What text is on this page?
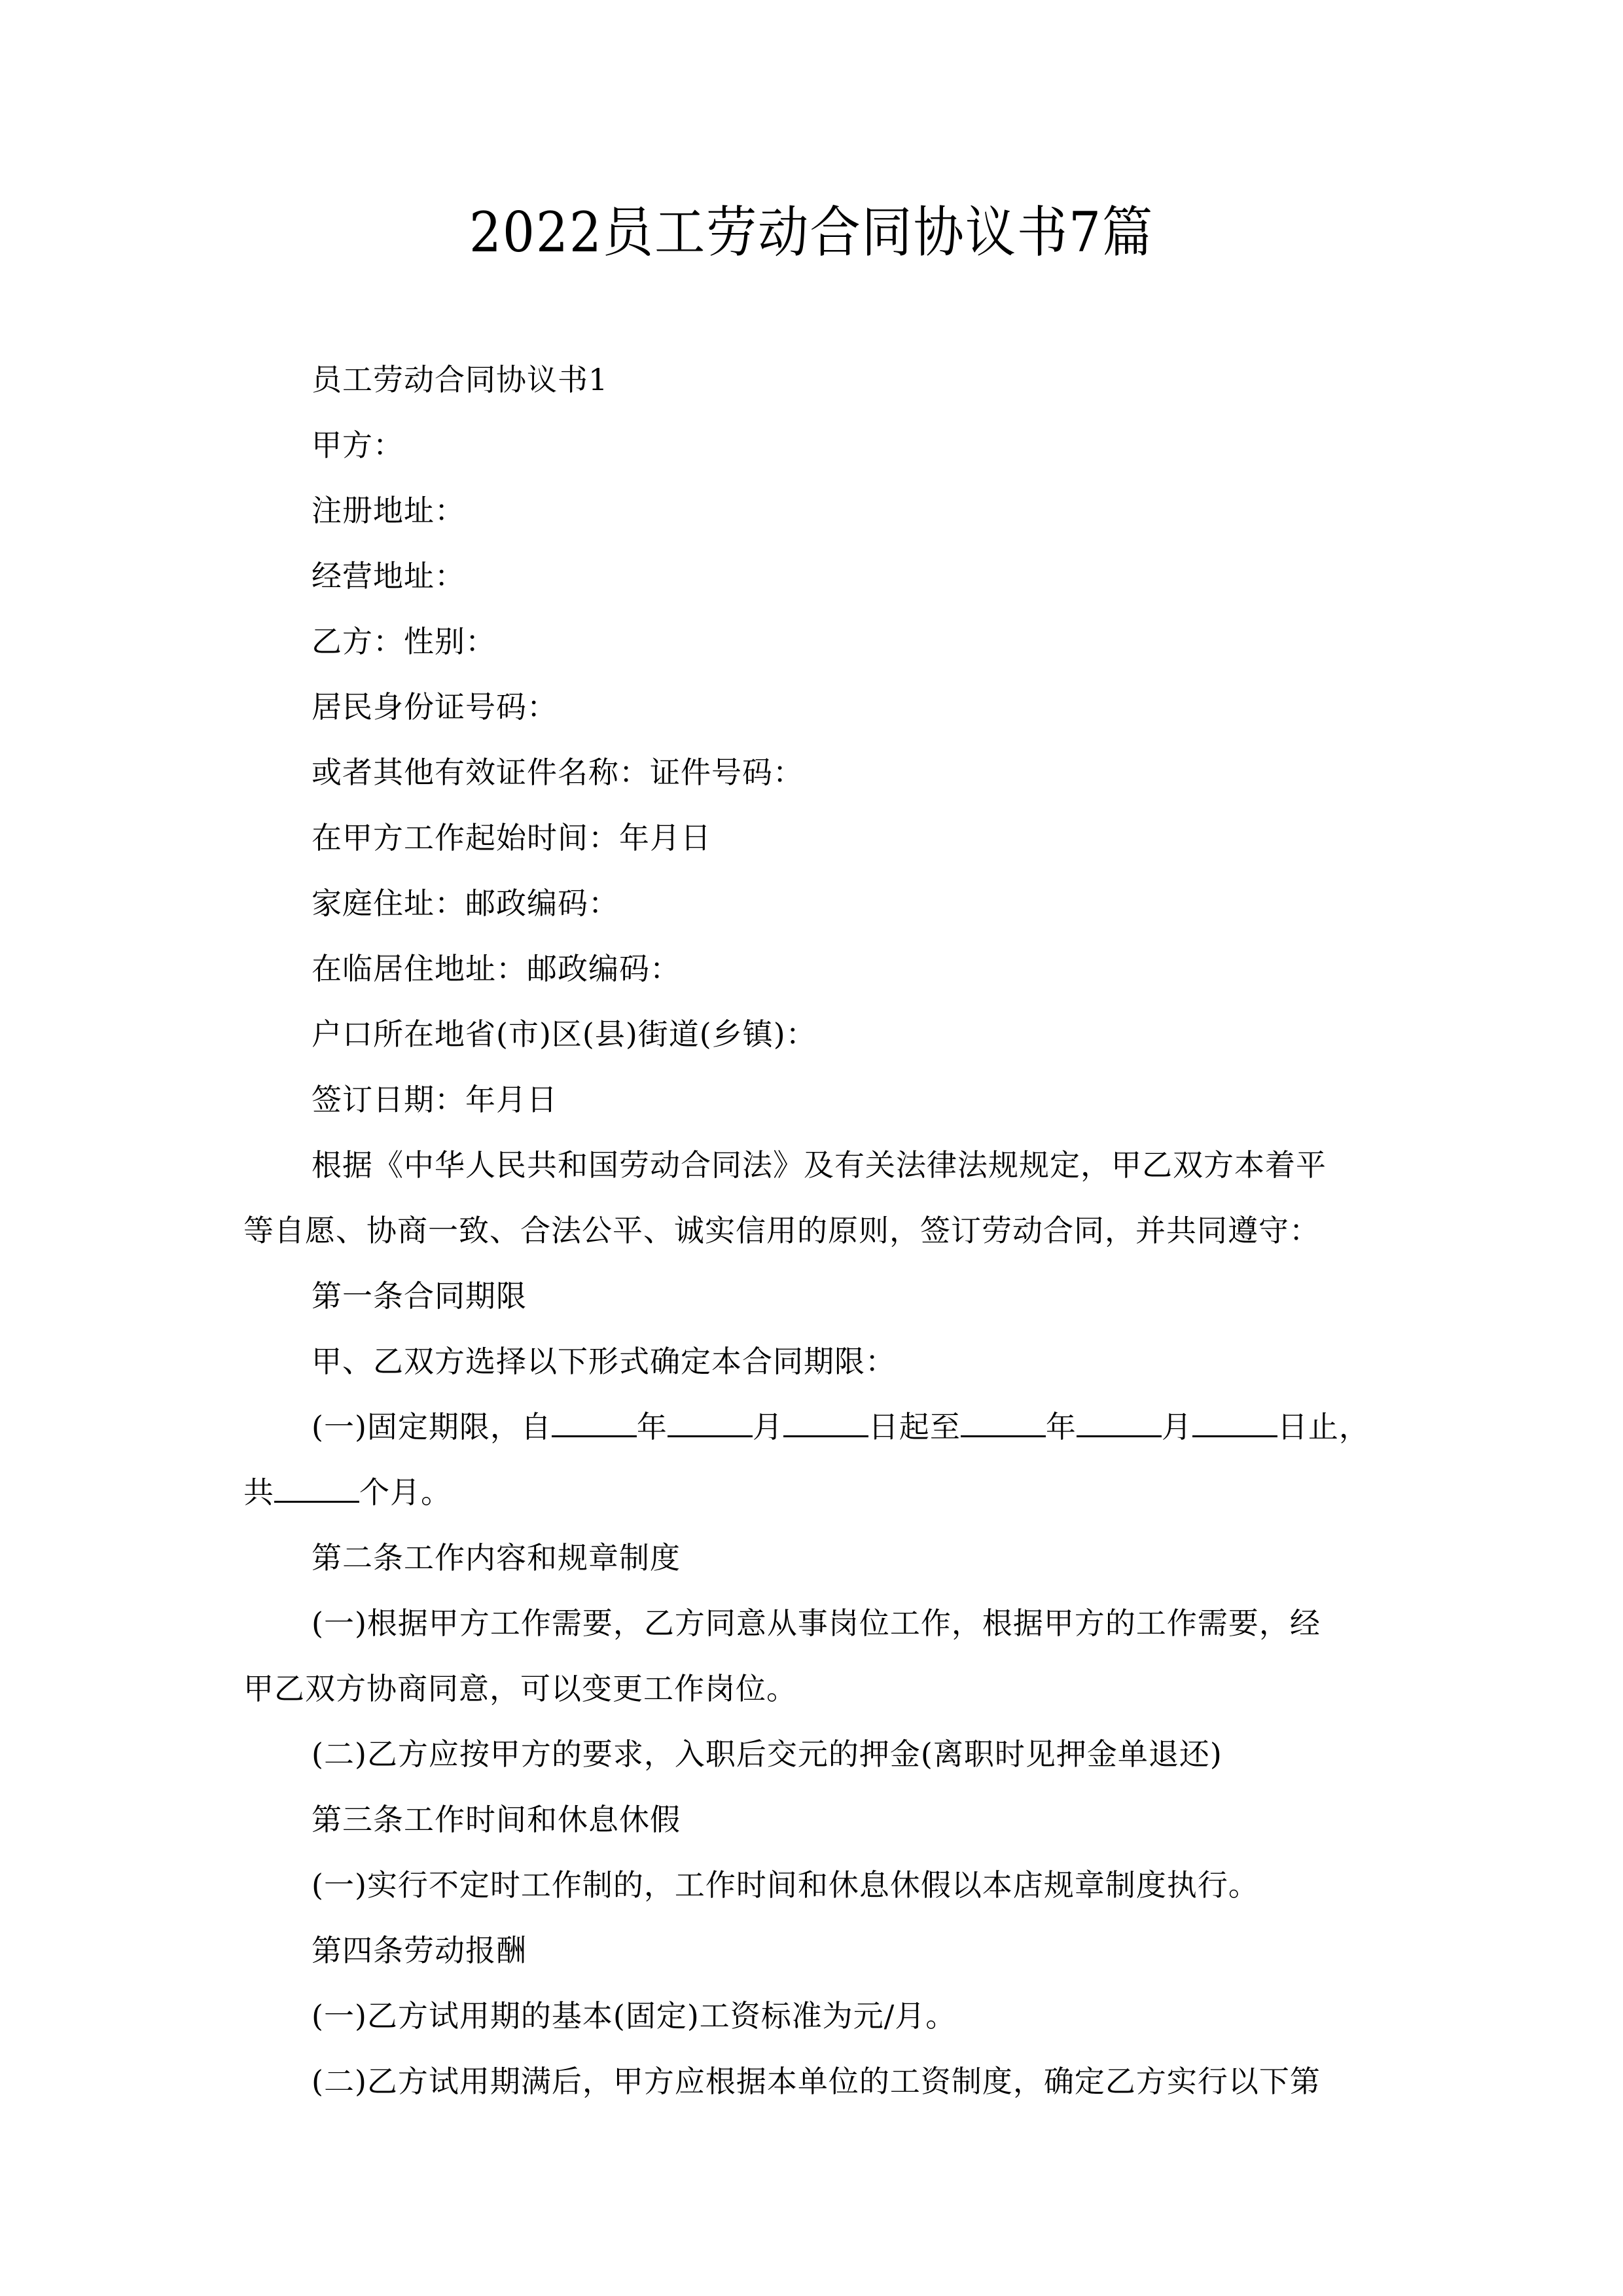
2022员工劳动合同协议书7篇
员工劳动合同协议书1
甲方：
注册地址：
经营地址：
乙方：性别：
居民身份证号码：
或者其他有效证件名称：证件号码：
在甲方工作起始时间：年月日
家庭住址：邮政编码：
在临居住地址：邮政编码：
户口所在地省(市)区(县)街道(乡镇)：
签订日期：年月日
根据《中华人民共和国劳动合同法》及有关法律法规规定，甲乙双方本着平
等自愿、协商一致、合法公平、诚实信用的原则，签订劳动合同，并共同遵守：
第一条合同期限
甲、乙双方选择以下形式确定本合同期限：
(一)固定期限，自	年	月	日起至	年	月	日止，
共	个月。
第二条工作内容和规章制度
(一)根据甲方工作需要，乙方同意从事岗位工作，根据甲方的工作需要，经
甲乙双方协商同意，可以变更工作岗位。
(二)乙方应按甲方的要求，入职后交元的押金(离职时见押金单退还)
第三条工作时间和休息休假
(一)实行不定时工作制的，工作时间和休息休假以本店规章制度执行。
第四条劳动报酬
(一)乙方试用期的基本(固定)工资标准为元/月。
(二)乙方试用期满后，甲方应根据本单位的工资制度，确定乙方实行以下第
